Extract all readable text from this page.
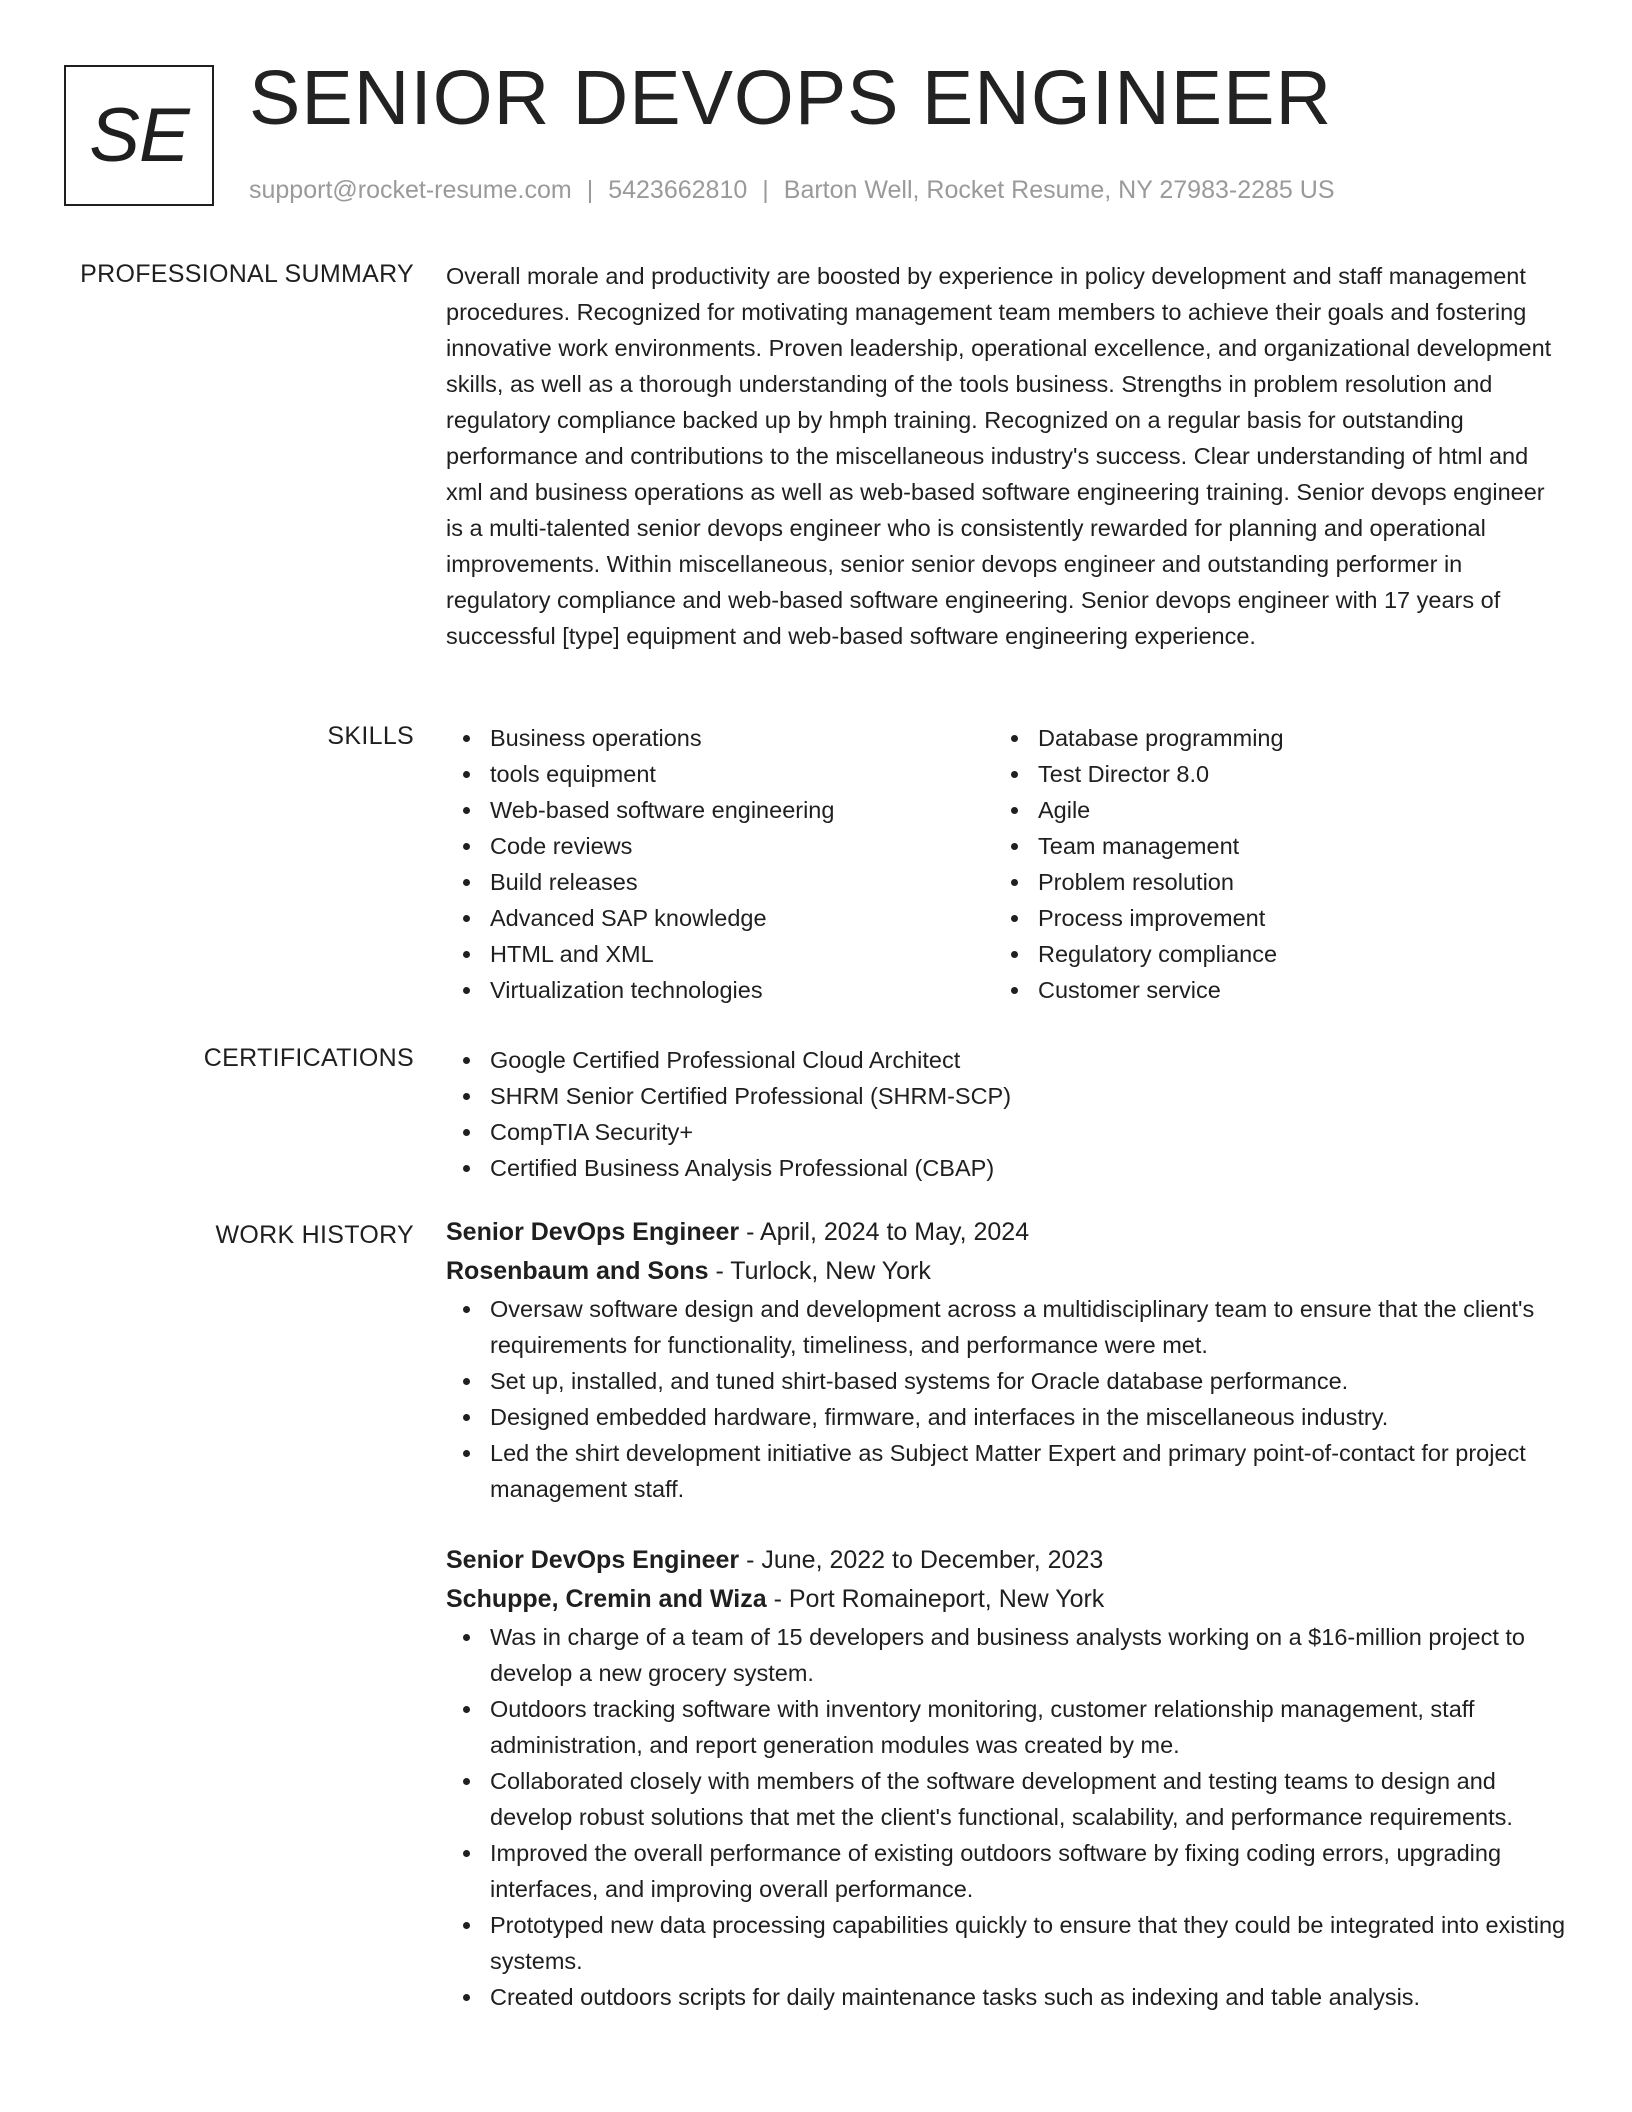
SE SENIOR DEVOPS ENGINEER
support@rocket-resume.com | 5423662810 | Barton Well, Rocket Resume, NY 27983-2285 US
PROFESSIONAL SUMMARY Overall morale and productivity are boosted by experience in policy development and staff management procedures. Recognized for motivating management team members to achieve their goals and fostering innovative work environments. Proven leadership, operational excellence, and organizational development skills, as well as a thorough understanding of the tools business. Strengths in problem resolution and regulatory compliance backed up by hmph training. Recognized on a regular basis for outstanding performance and contributions to the miscellaneous industry's success. Clear understanding of html and xml and business operations as well as web-based software engineering training. Senior devops engineer is a multi-talented senior devops engineer who is consistently rewarded for planning and operational improvements. Within miscellaneous, senior senior devops engineer and outstanding performer in regulatory compliance and web-based software engineering. Senior devops engineer with 17 years of successful [type] equipment and web-based software engineering experience.

SKILLS	Business operations
tools equipment
Web-based software engineering
Code reviews
Build releases
Advanced SAP knowledge
HTML and XML
Virtualization technologies
Database programming
Test Director 8.0
Agile
Team management
Problem resolution
Process improvement
Regulatory compliance
Customer service
CERTIFICATIONS	Google Certified Professional Cloud Architect
SHRM Senior Certified Professional (SHRM-SCP)
CompTIA Security+
Certified Business Analysis Professional (CBAP)
WORK HISTORY Senior DevOps Engineer - April, 2024 to May, 2024
Rosenbaum and Sons - Turlock, New York
Oversaw software design and development across a multidisciplinary team to ensure that the client's requirements for functionality, timeliness, and performance were met.
Set up, installed, and tuned shirt-based systems for Oracle database performance.
Designed embedded hardware, firmware, and interfaces in the miscellaneous industry.
Led the shirt development initiative as Subject Matter Expert and primary point-of-contact for project management staff.
Senior DevOps Engineer - June, 2022 to December, 2023
Schuppe, Cremin and Wiza - Port Romaineport, New York
Was in charge of a team of 15 developers and business analysts working on a $16-million project to develop a new grocery system.
Outdoors tracking software with inventory monitoring, customer relationship management, staff administration, and report generation modules was created by me.
Collaborated closely with members of the software development and testing teams to design and develop robust solutions that met the client's functional, scalability, and performance requirements.
Improved the overall performance of existing outdoors software by fixing coding errors, upgrading interfaces, and improving overall performance.
Prototyped new data processing capabilities quickly to ensure that they could be integrated into existing systems.
Created outdoors scripts for daily maintenance tasks such as indexing and table analysis.
